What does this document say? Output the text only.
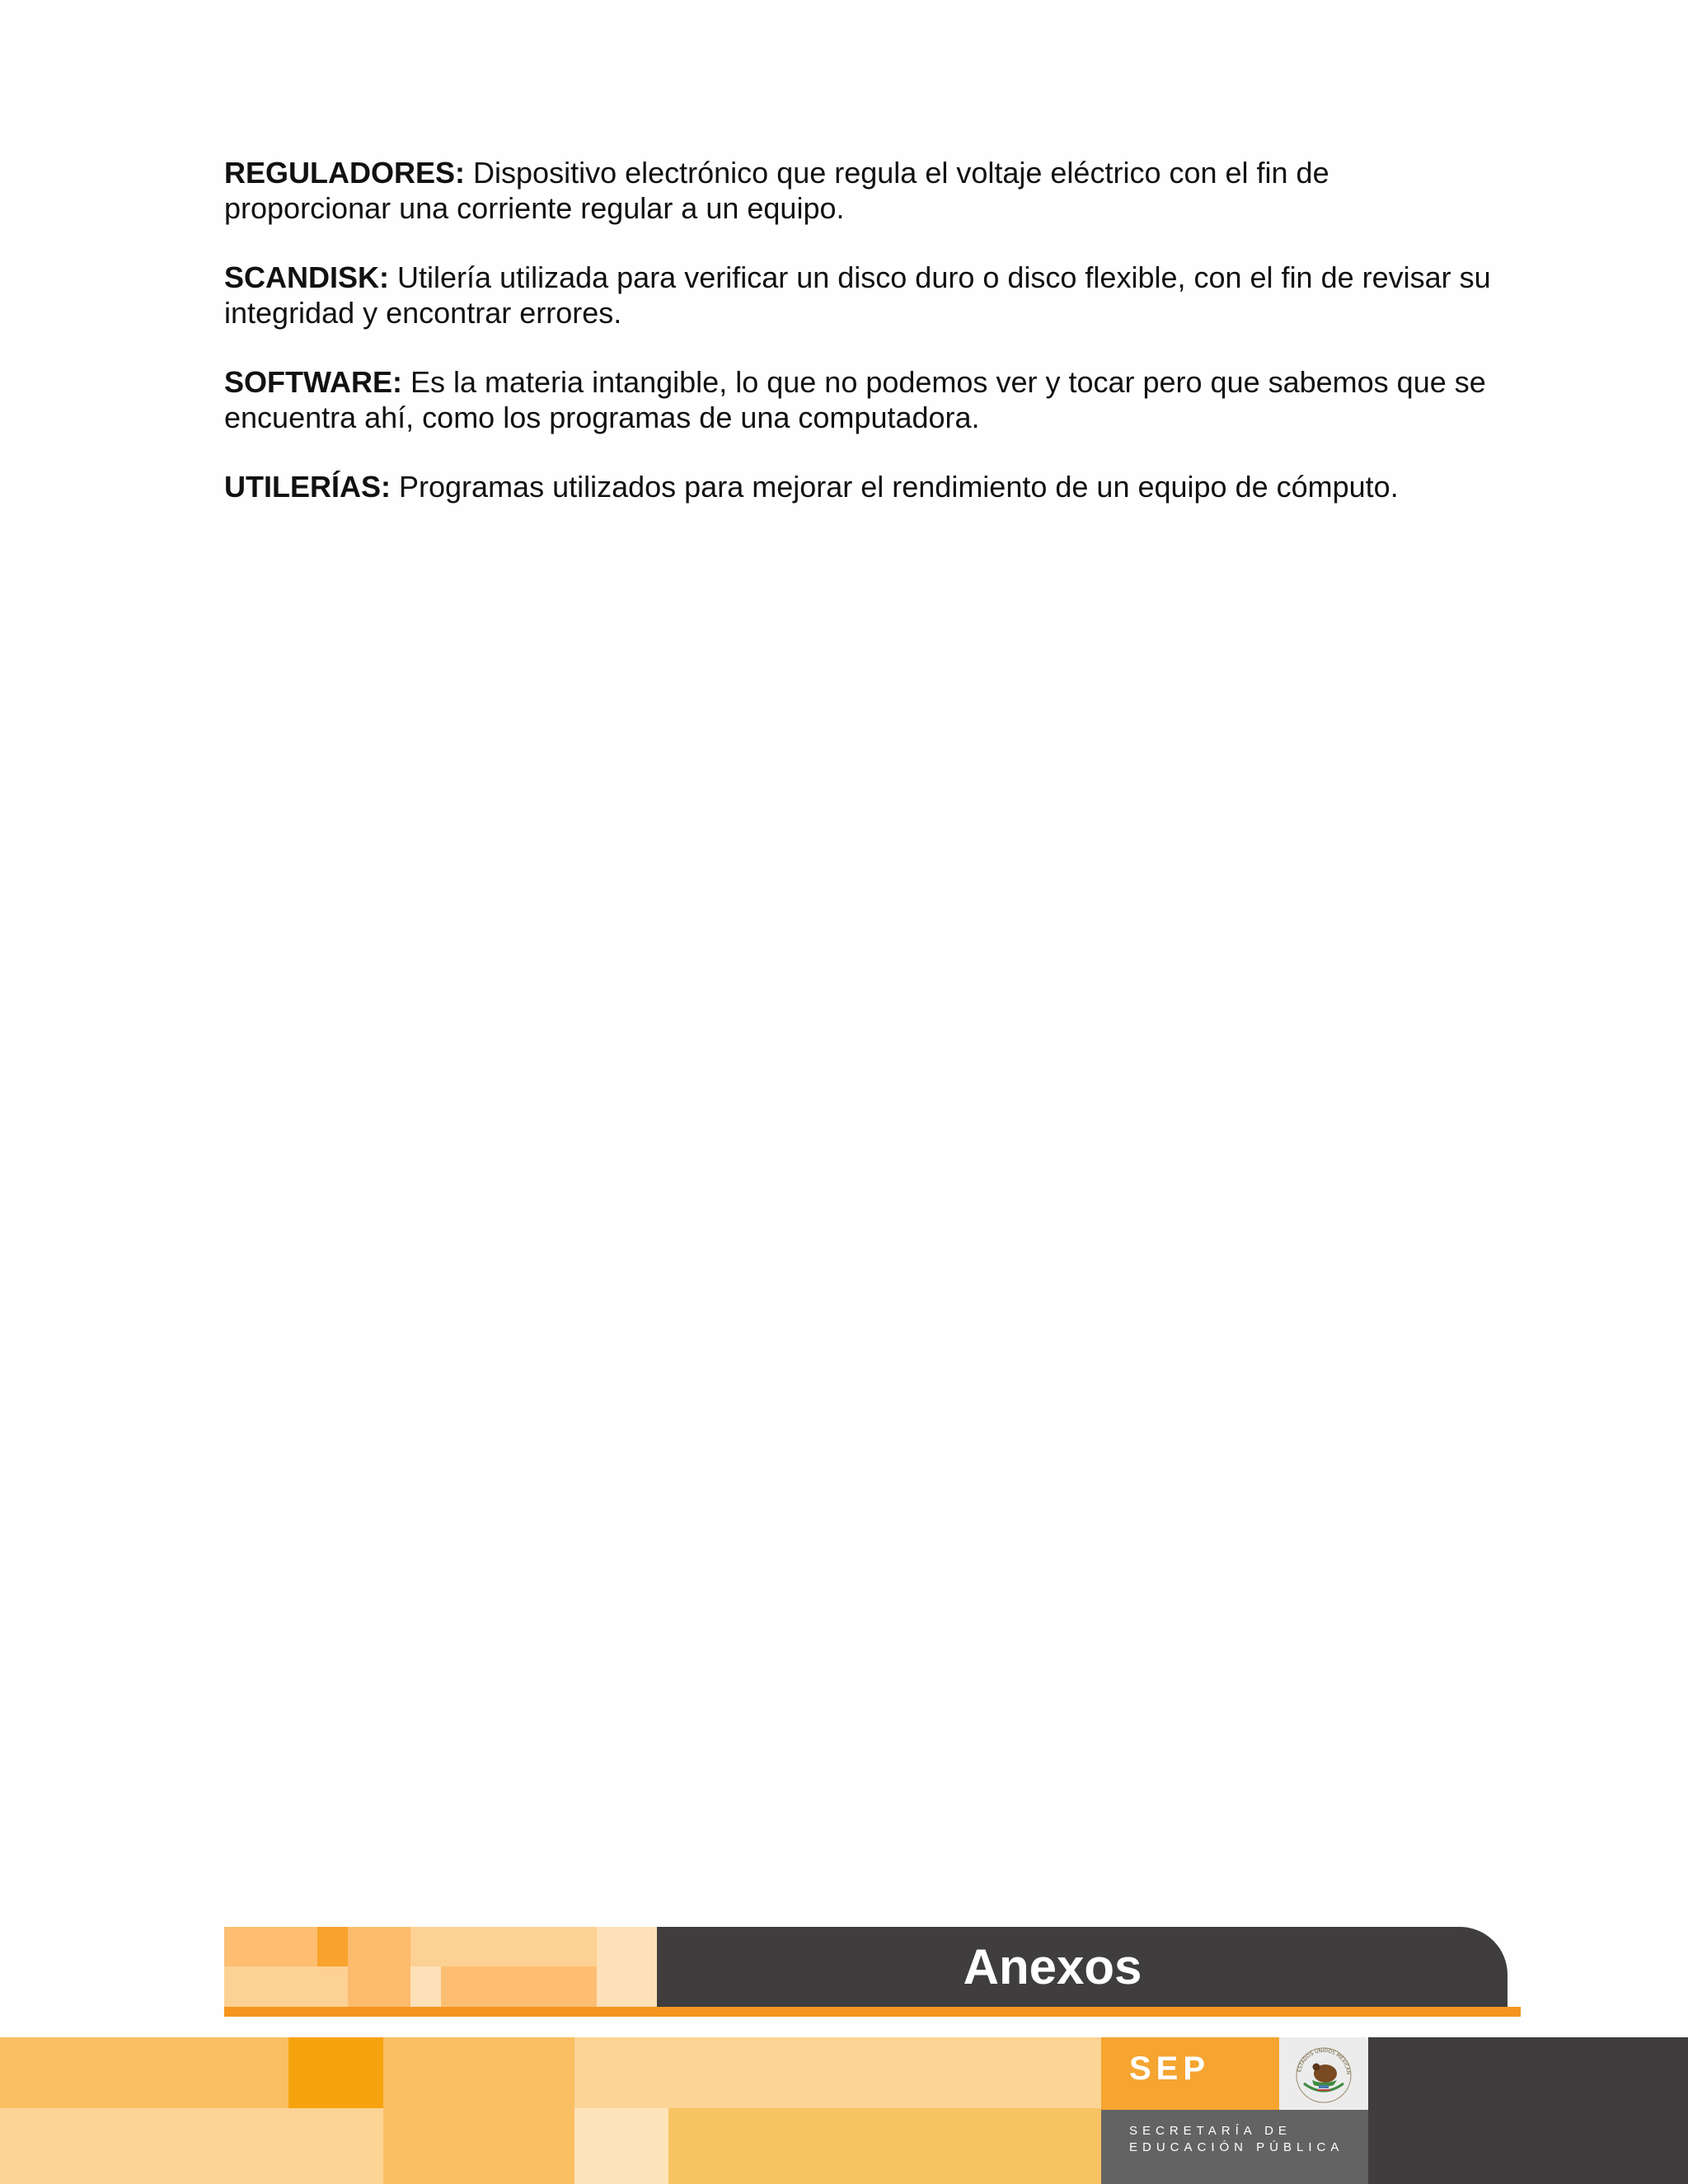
REGULADORES: Dispositivo electrónico que regula el voltaje eléctrico con el fin de proporcionar una corriente regular a un equipo.

SCANDISK: Utilería utilizada para verificar un disco duro o disco flexible, con el fin de revisar su integridad y encontrar errores.

SOFTWARE: Es la materia intangible, lo que no podemos ver y tocar pero que sabemos que se encuentra ahí, como los programas de una computadora.

UTILERÍAS: Programas utilizados para mejorar el rendimiento de un equipo de cómputo.

Anexos
SEP	ESTADOS UNIDOS MEXICAN
SECRETARÍA DE
EDUCACIÓN PÚBLICA
